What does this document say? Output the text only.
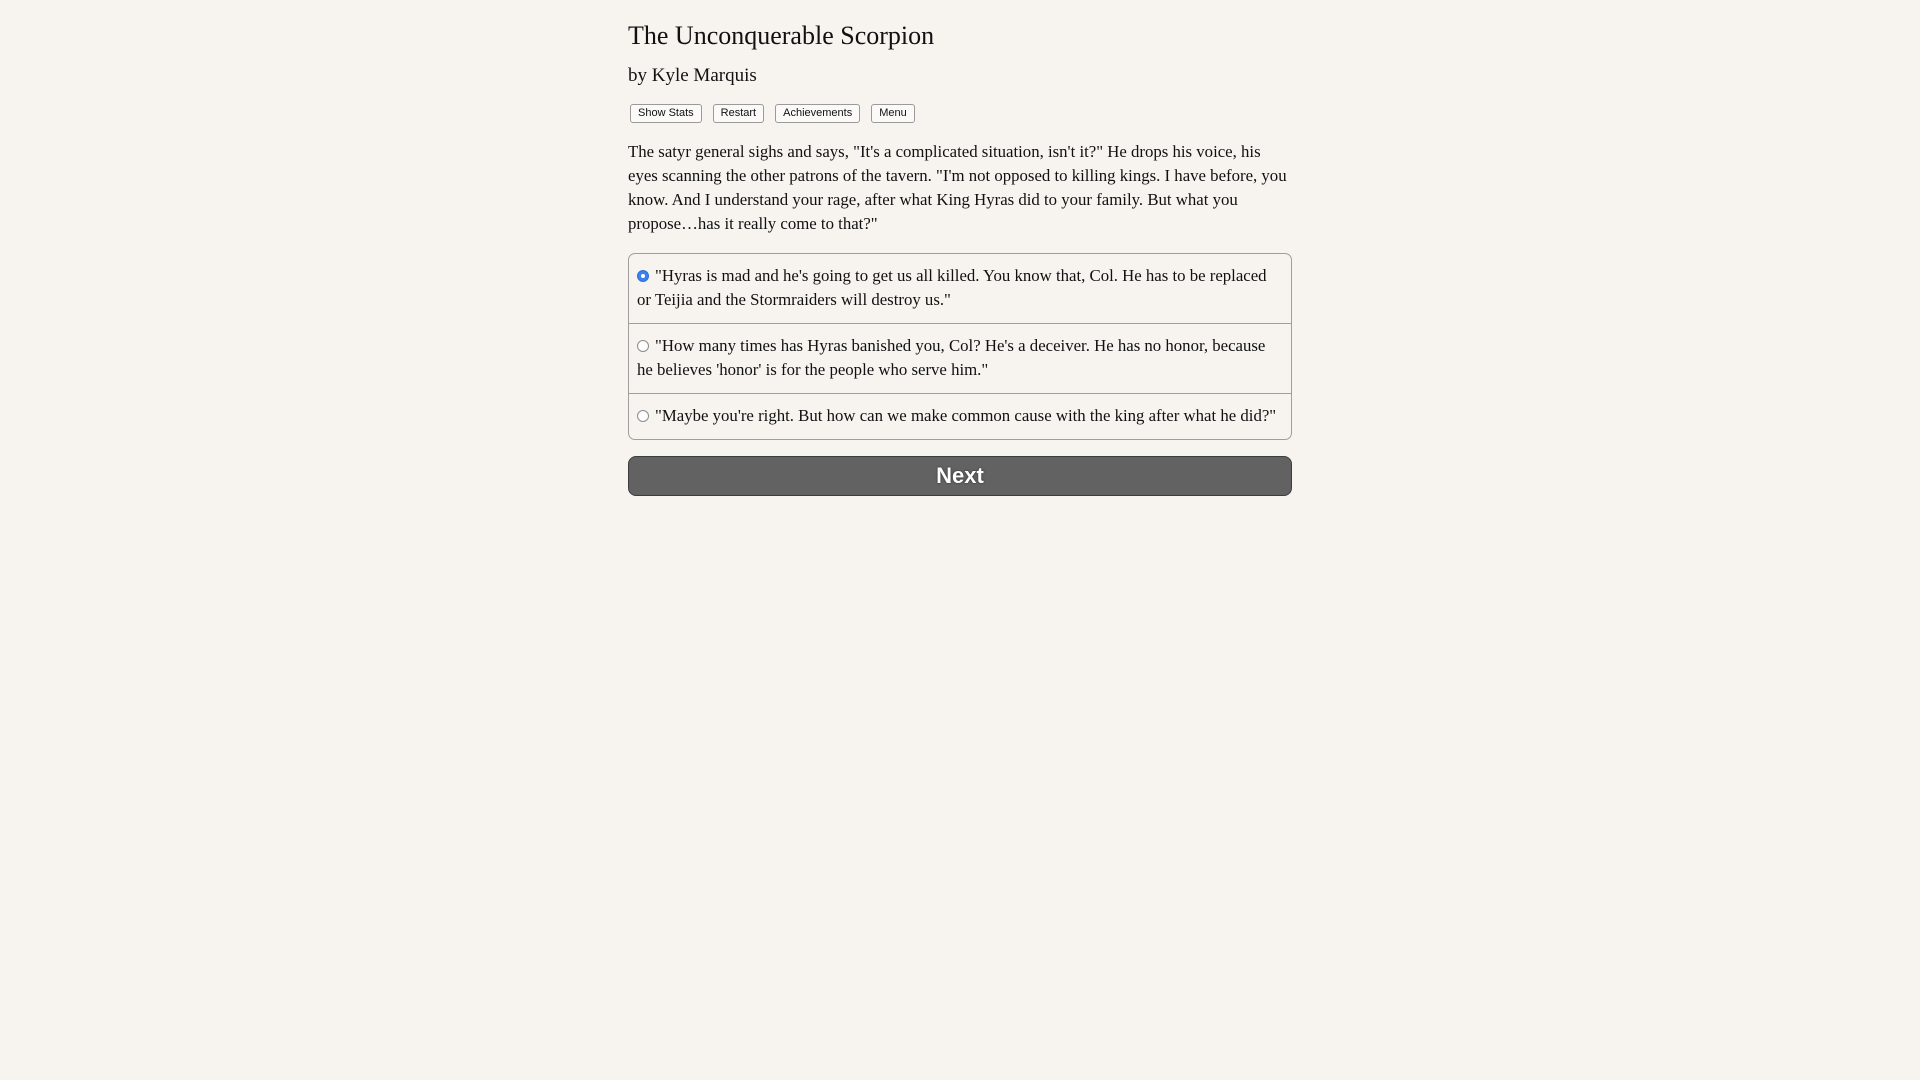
The Unconquerable Scorpion
by Kyle Marquis
Show Stats	Restart	Achievements	Menu
The satyr general sighs and says, "It's a complicated situation, isn't it?" He drops his voice, his eyes scanning the other patrons of the tavern. "I'm not opposed to killing kings. I have before, you know. And I understand your rage, after what King Hyras did to your family. But what you propose…has it really come to that?"
"Hyras is mad and he's going to get us all killed. You know that, Col. He has to be replaced or Teijia and the Stormraiders will destroy us."
"How many times has Hyras banished you, Col? He's a deceiver. He has no honor, because he believes 'honor' is for the people who serve him."
"Maybe you're right. But how can we make common cause with the king after what he did?"
Next
